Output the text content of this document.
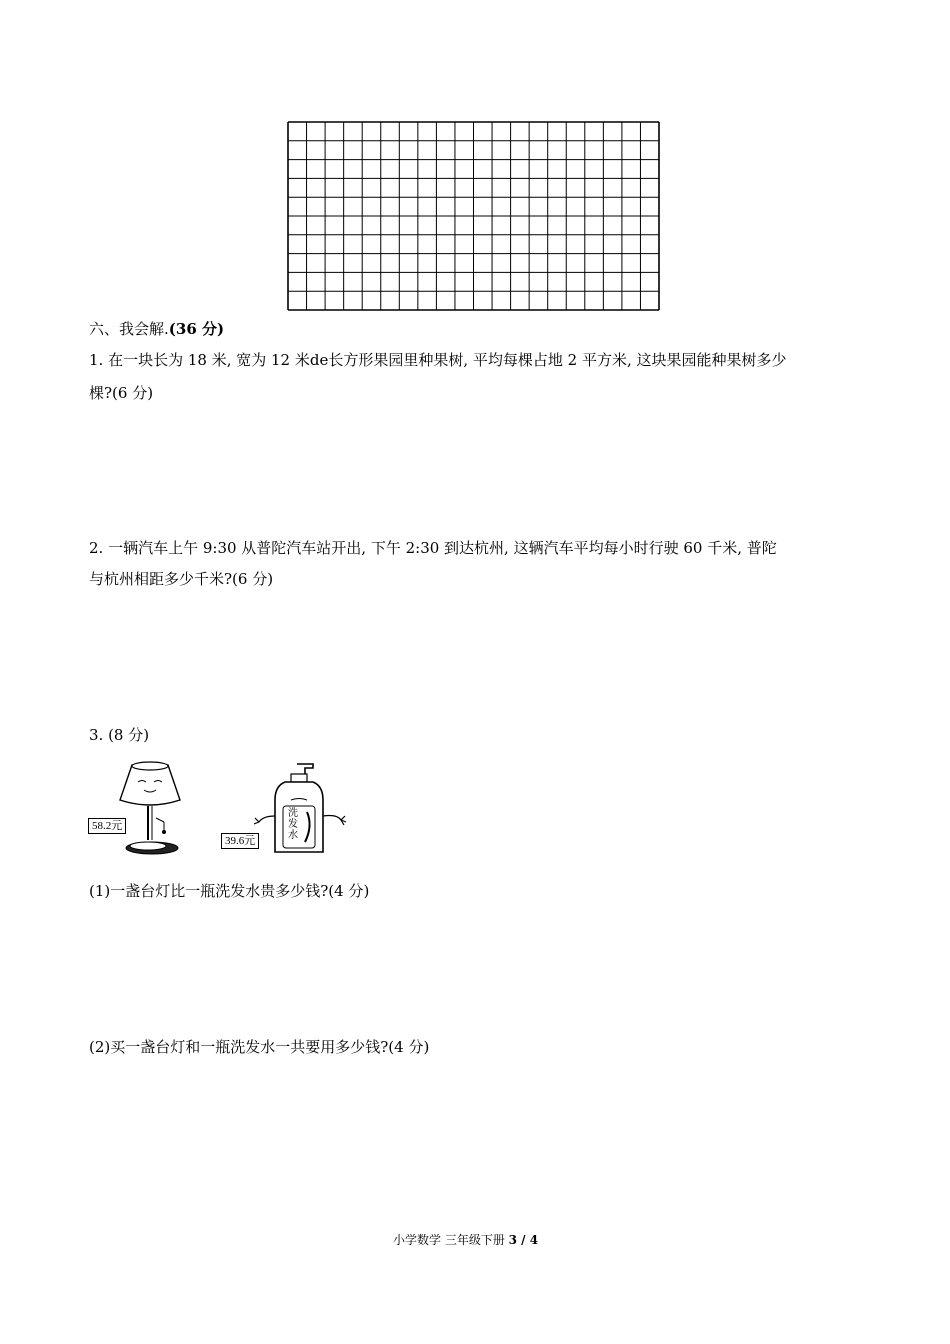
六、我会解.(36 分)
1. 在一块长为 18 米, 宽为 12 米de长方形果园里种果树, 平均每棵占地 2 平方米, 这块果园能种果树多少
棵?(6 分)
2. 一辆汽车上午 9:30 从普陀汽车站开出, 下午 2:30 到达杭州, 这辆汽车平均每小时行驶 60 千米, 普陀
与杭州相距多少千米?(6 分)
3. (8 分)
58.2元
洗
发
水
39.6元
(1)一盏台灯比一瓶洗发水贵多少钱?(4 分)
(2)买一盏台灯和一瓶洗发水一共要用多少钱?(4 分)
小学数学 三年级下册 3 / 4
